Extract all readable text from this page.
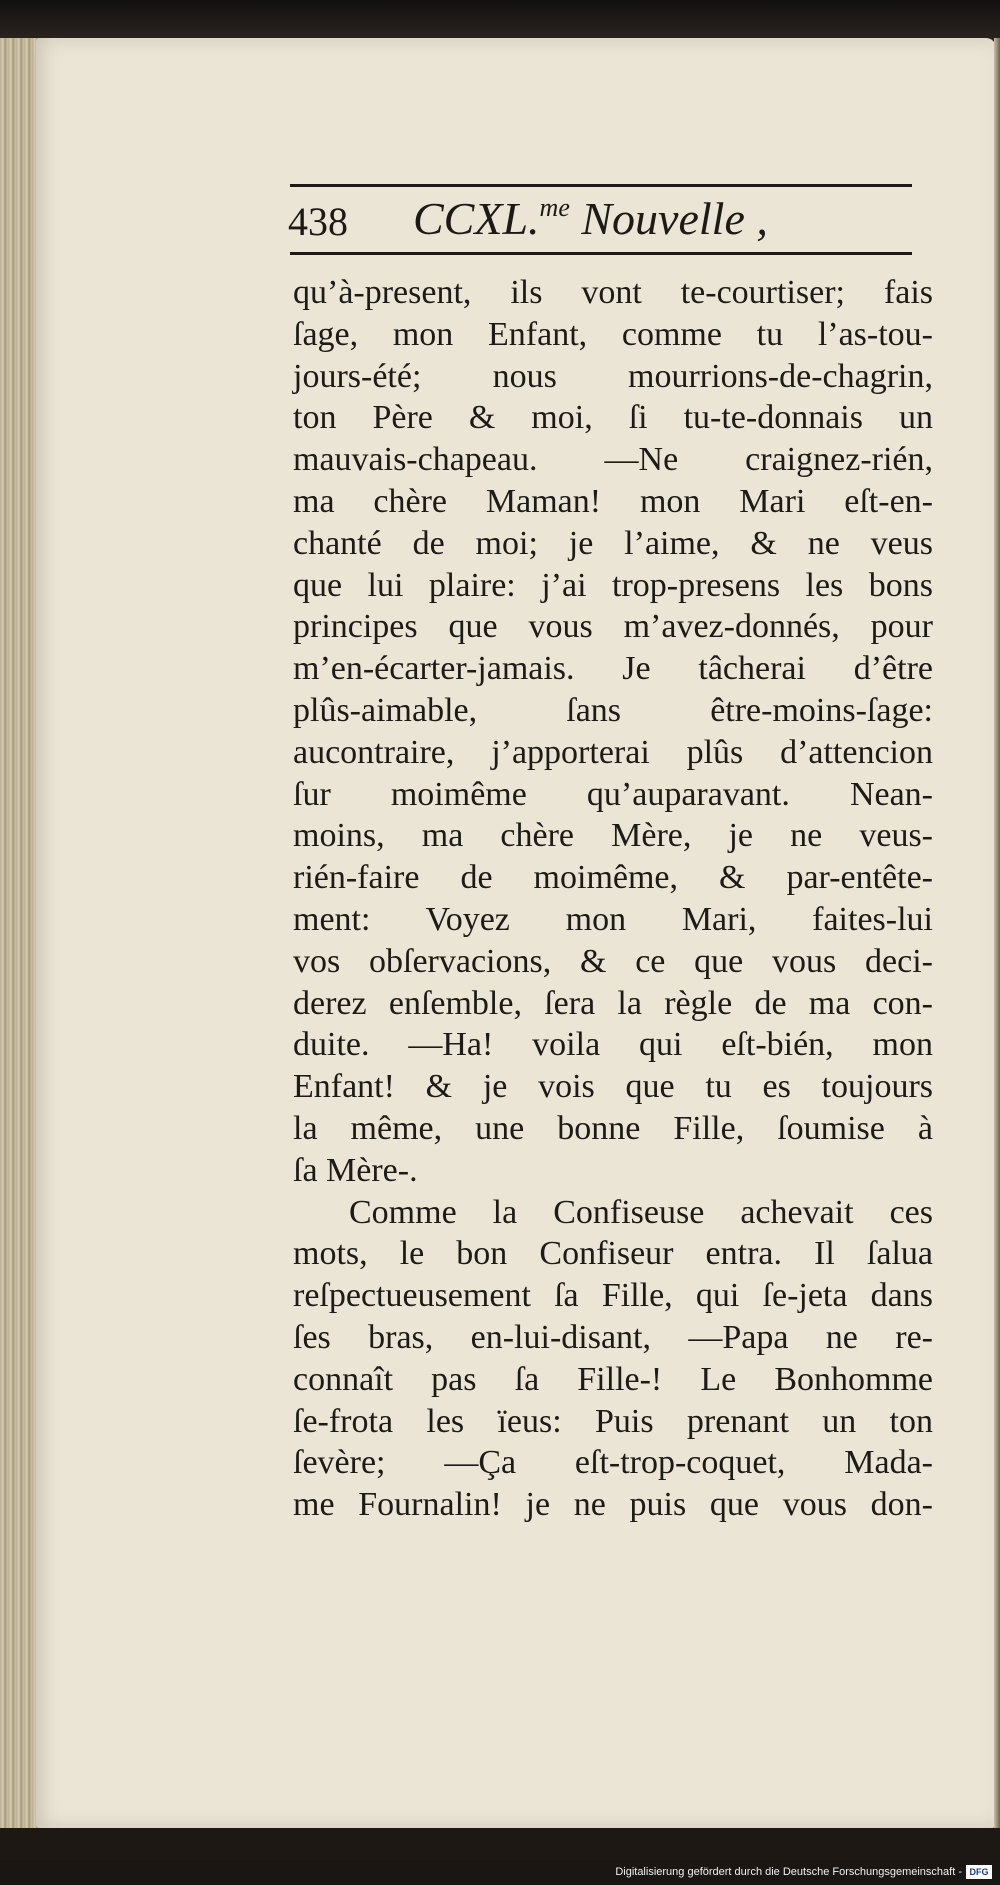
438 CCXL.$^{me}$ Nouvelle ,
qu’à-present, ils vont te-courtiser; fais
ſage, mon Enfant, comme tu l’as-tou-
jours-été; nous mourrions-de-chagrin,
ton Père & moi, ſi tu-te-donnais un
mauvais-chapeau. —Ne craignez-rién,
ma chère Maman! mon Mari eſt-en-
chanté de moi; je l’aime, & ne veus
que lui plaire: j’ai trop-presens les bons
principes que vous m’avez-donnés, pour
m’en-écarter-jamais. Je tâcherai d’être
plûs-aimable, ſans être-moins-ſage:
aucontraire, j’apporterai plûs d’attencion
ſur moimême qu’auparavant. Nean-
moins, ma chère Mère, je ne veus-
rién-faire de moimême, & par-entête-
ment: Voyez mon Mari, faites-lui
vos obſervacions, & ce que vous deci-
derez enſemble, ſera la règle de ma con-
duite. —Ha! voila qui eſt-bién, mon
Enfant! & je vois que tu es toujours
la même, une bonne Fille, ſoumise à
ſa Mère-.
Comme la Confiseuse achevait ces
mots, le bon Confiseur entra. Il ſalua
reſpectueusement ſa Fille, qui ſe-jeta dans
ſes bras, en-lui-disant, —Papa ne re-
connaît pas ſa Fille-! Le Bonhomme
ſe-frota les ïeus: Puis prenant un ton
ſevère; —Ça eſt-trop-coquet, Mada-
me Fournalin! je ne puis que vous don-
Digitalisierung gefördert durch die Deutsche Forschungsgemeinschaft - DFG
